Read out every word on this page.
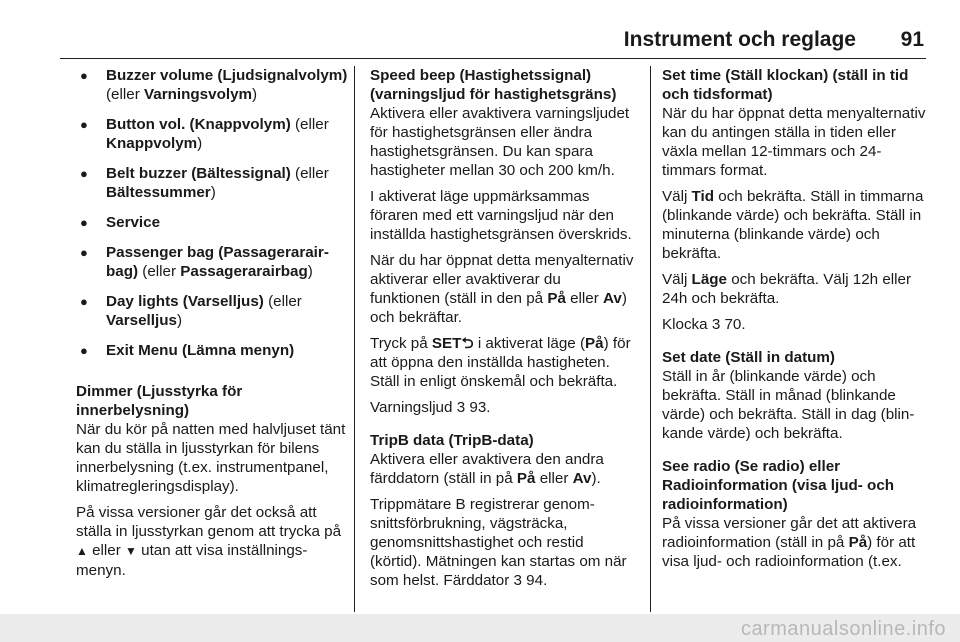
Instrument och reglage 91
● Buzzer volume (Ljudsignalvolym) (eller Varningsvolym)
● Button vol. (Knappvolym) (eller Knappvolym)
● Belt buzzer (Bältessignal) (eller Bältessummer)
● Service
● Passenger bag (Passagerarairbag) (eller Passagerarairbag)
● Day lights (Varselljus) (eller Varselljus)
● Exit Menu (Lämna menyn)

Dimmer (Ljusstyrka för innerbelysning)

När du kör på natten med halvljuset tänt kan du ställa in ljusstyrkan för bilens innerbelysning (t.ex. instrumentpanel, klimatregleringsdisplay).

På vissa versioner går det också att ställa in ljusstyrkan genom att trycka på ▲ eller ▼ utan att visa inställningsmenyn.

Speed beep (Hastighetssignal) (varningsljud för hastighetsgräns)

Aktivera eller avaktivera varningsljudet för hastighetsgränsen eller ändra hastighetsgränsen. Du kan spara hastigheter mellan 30 och 200 km/h.

I aktiverat läge uppmärksammas föraren med ett varningsljud när den inställda hastighetsgränsen överskrids.

När du har öppnat detta menyalternativ aktiverar eller avaktiverar du funktionen (ställ in den på På eller Av) och bekräftar.

Tryck på SET⮌ i aktiverat läge (På) för att öppna den inställda hastigheten. Ställ in enligt önskemål och bekräfta.

Varningsljud 3 93.

TripB data (TripB-data)

Aktivera eller avaktivera den andra färddatorn (ställ in på På eller Av).

Trippmätare B registrerar genomsnittsförbrukning, vägsträcka, genomsnittshastighet och restid (körtid). Mätningen kan startas om när som helst. Färddator 3 94.

Set time (Ställ klockan) (ställ in tid och tidsformat)

När du har öppnat detta menyalternativ kan du antingen ställa in tiden eller växla mellan 12-timmars och 24-timmars format.

Välj Tid och bekräfta. Ställ in timmarna (blinkande värde) och bekräfta. Ställ in minuterna (blinkande värde) och bekräfta.

Välj Läge och bekräfta. Välj 12h eller 24h och bekräfta.

Klocka 3 70.

Set date (Ställ in datum)

Ställ in år (blinkande värde) och bekräfta. Ställ in månad (blinkande värde) och bekräfta. Ställ in dag (blinkande värde) och bekräfta.

See radio (Se radio) eller Radioinformation (visa ljud- och radioinformation)

På vissa versioner går det att aktivera radioinformation (ställ in på På) för att visa ljud- och radioinformation (t.ex.

carmanualsonline.info
